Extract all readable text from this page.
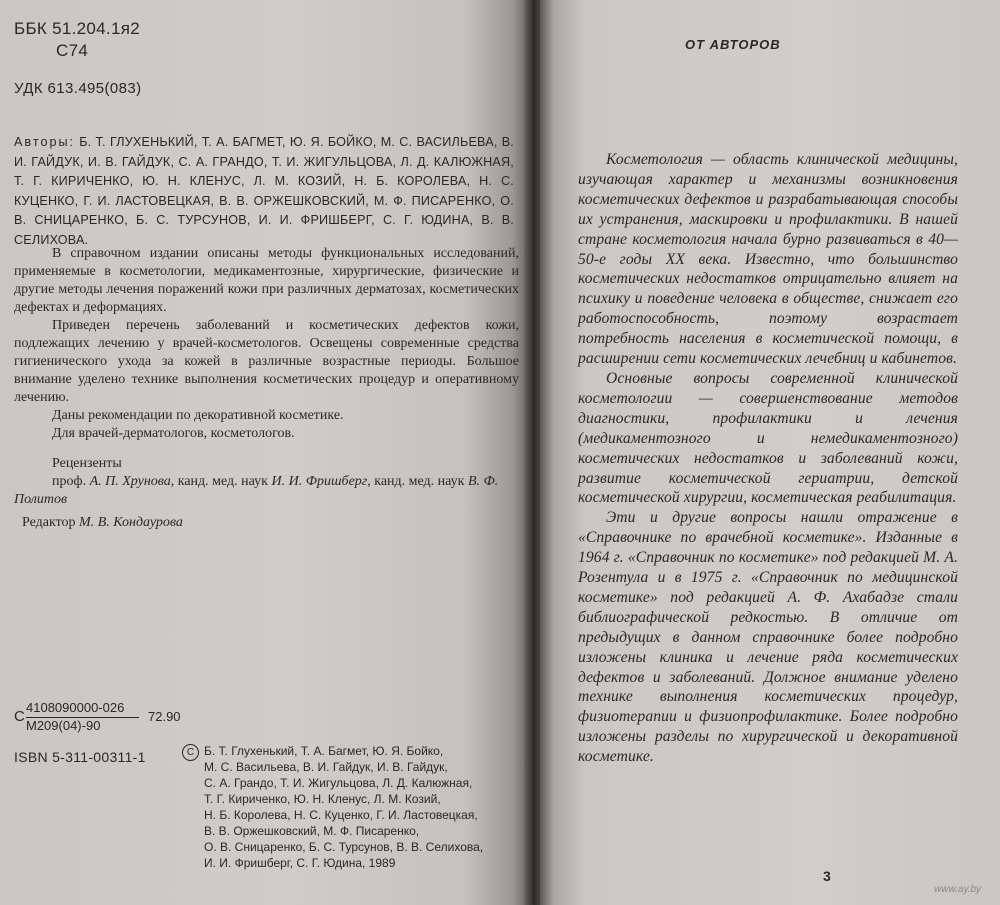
ББК 51.204.1я2
С74
УДК 613.495(083)
Авторы: Б. Т. ГЛУХЕНЬКИЙ, Т. А. БАГМЕТ, Ю. Я. БОЙКО, М. С. ВАСИЛЬЕВА, В. И. ГАЙДУК, И. В. ГАЙДУК, С. А. ГРАНДО, Т. И. ЖИГУЛЬЦОВА, Л. Д. КАЛЮЖНАЯ, Т. Г. КИРИЧЕНКО, Ю. Н. КЛЕНУС, Л. М. КОЗИЙ, Н. Б. КОРОЛЕВА, Н. С. КУЦЕНКО, Г. И. ЛАСТОВЕЦКАЯ, В. В. ОРЖЕШКОВСКИЙ, М. Ф. ПИСАРЕНКО, О. В. СНИЦАРЕНКО, Б. С. ТУРСУНОВ, И. И. ФРИШБЕРГ, С. Г. ЮДИНА, В. В. СЕЛИХОВА.

В справочном издании описаны методы функциональных исследований, применяемые в косметологии, медикаментозные, хирургические, физические и другие методы лечения поражений кожи при различных дерматозах, косметических дефектах и деформациях.

Приведен перечень заболеваний и косметических дефектов кожи, подлежащих лечению у врачей-косметологов. Освещены современные средства гигиенического ухода за кожей в различные возрастные периоды. Большое внимание уделено технике выполнения косметических процедур и оперативному лечению.

Даны рекомендации по декоративной косметике.

Для врачей-дерматологов, косметологов.

Рецензенты

проф. А. П. Хрунова, канд. мед. наук И. И. Фришберг, канд. мед. наук В. Ф. Политов

Редактор М. В. Кондаурова
С
4108090000-026
М209(04)-90
72.90
ISBN 5-311-00311-1	С Б. Т. Глухенький, Т. А. Багмет, Ю. Я. Бойко,
М. С. Васильева, В. И. Гайдук, И. В. Гайдук,
С. А. Грандо, Т. И. Жигульцова, Л. Д. Калюжная,
Т. Г. Кириченко, Ю. Н. Кленус, Л. М. Козий,
Н. Б. Королева, Н. С. Куценко, Г. И. Ластовецкая,
В. В. Оржешковский, М. Ф. Писаренко,
О. В. Сницаренко, Б. С. Турсунов, В. В. Селихова,
И. И. Фришберг, С. Г. Юдина, 1989
ОТ АВТОРОВ

Косметология — область клинической медицины, изучающая характер и механизмы возникновения косметических дефектов и разрабатывающая способы их устранения, маскировки и профилактики. В нашей стране косметология начала бурно развиваться в 40—50-е годы XX века. Известно, что большинство косметических недостатков отрицательно влияет на психику и поведение человека в обществе, снижает его работоспособность, поэтому возрастает потребность населения в косметической помощи, в расширении сети косметических лечебниц и кабинетов.

Основные вопросы современной клинической косметологии — совершенствование методов диагностики, профилактики и лечения (медикаментозного и немедикаментозного) косметических недостатков и заболеваний кожи, развитие косметической гериатрии, детской косметической хирургии, косметическая реабилитация.

Эти и другие вопросы нашли отражение в «Справочнике по врачебной косметике». Изданные в 1964 г. «Справочник по косметике» под редакцией М. А. Розентула и в 1975 г. «Справочник по медицинской косметике» под редакцией А. Ф. Ахабадзе стали библиографической редкостью. В отличие от предыдущих в данном справочнике более подробно изложены клиника и лечение ряда косметических дефектов и заболеваний. Должное внимание уделено технике выполнения косметических процедур, физиотерапии и физиопрофилактике. Более подробно изложены разделы по хирургической и декоративной косметике.

3
www.ay.by
